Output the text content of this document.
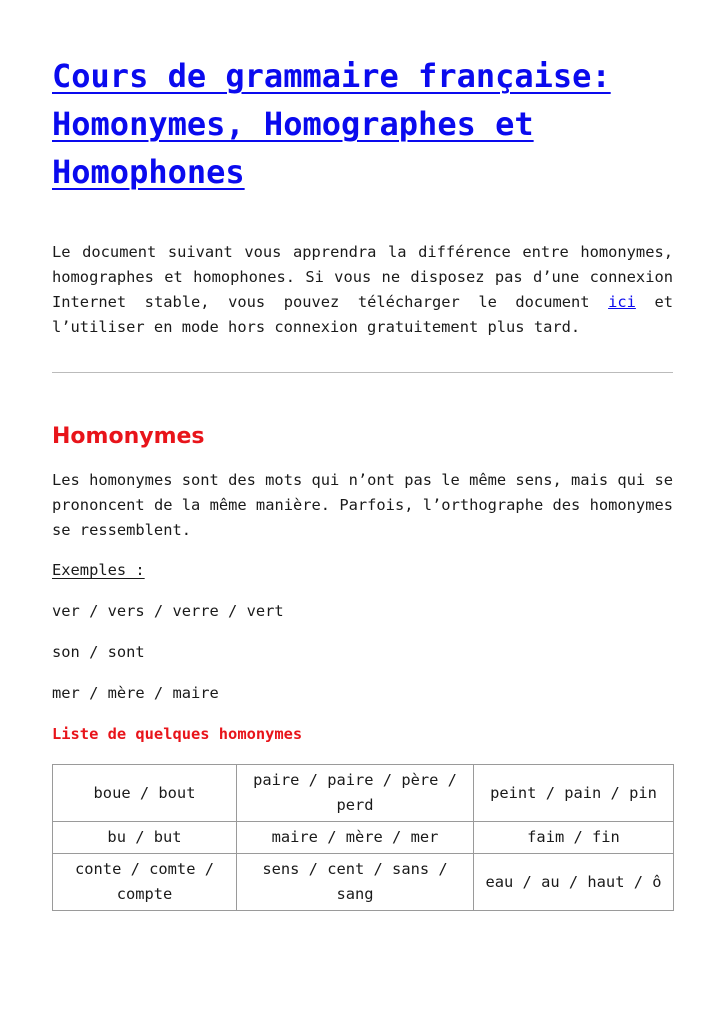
Cours de grammaire française:
Homonymes, Homographes et
Homophones

Le document suivant vous apprendra la différence entre homonymes, homographes et homophones. Si vous ne disposez pas d’une connexion Internet stable, vous pouvez télécharger le document ici et l’utiliser en mode hors connexion gratuitement plus tard.

Homonymes

Les homonymes sont des mots qui n’ont pas le même sens, mais qui se prononcent de la même manière. Parfois, l’orthographe des homonymes se ressemblent.

Exemples :

ver / vers / verre / vert

son / sont

mer / mère / maire

Liste de quelques homonymes
boue / bout	paire / paire / père / perd	peint / pain / pin
bu / but	maire / mère / mer	faim / fin
conte / comte / compte	sens / cent / sans / sang	eau / au / haut / ô
